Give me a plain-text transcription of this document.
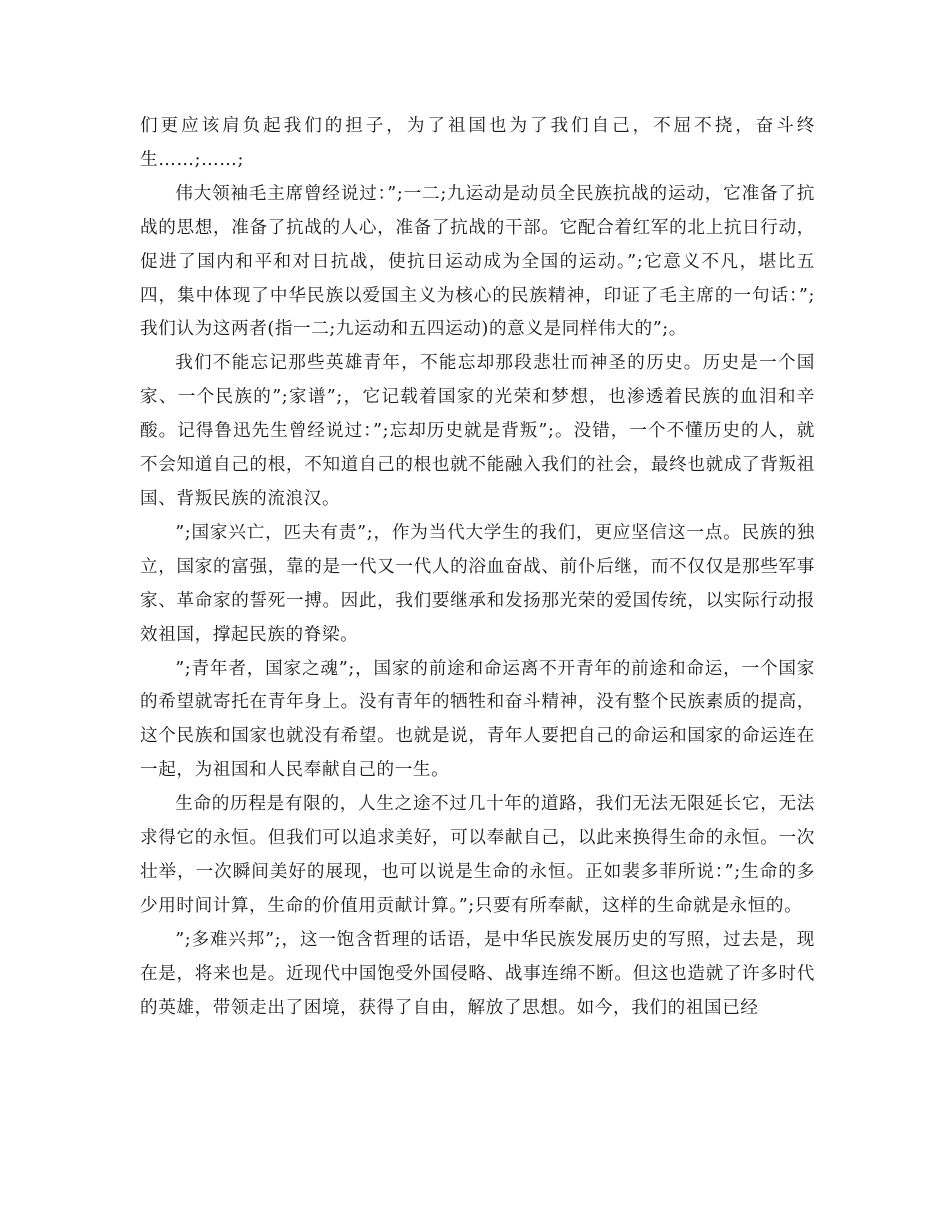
们更应该肩负起我们的担子，为了祖国也为了我们自己，不屈不挠，奋斗终生……;……;

伟大领袖毛主席曾经说过：”;一二;九运动是动员全民族抗战的运动，它准备了抗战的思想，准备了抗战的人心，准备了抗战的干部。它配合着红军的北上抗日行动，促进了国内和平和对日抗战，使抗日运动成为全国的运动。”;它意义不凡，堪比五四，集中体现了中华民族以爱国主义为核心的民族精神，印证了毛主席的一句话：”;我们认为这两者(指一二;九运动和五四运动)的意义是同样伟大的”;。

我们不能忘记那些英雄青年，不能忘却那段悲壮而神圣的历史。历史是一个国家、一个民族的”;家谱”;，它记载着国家的光荣和梦想，也渗透着民族的血泪和辛酸。记得鲁迅先生曾经说过：”;忘却历史就是背叛”;。没错，一个不懂历史的人，就不会知道自己的根，不知道自己的根也就不能融入我们的社会，最终也就成了背叛祖国、背叛民族的流浪汉。

”;国家兴亡，匹夫有责”;，作为当代大学生的我们，更应坚信这一点。民族的独立，国家的富强，靠的是一代又一代人的浴血奋战、前仆后继，而不仅仅是那些军事家、革命家的誓死一搏。因此，我们要继承和发扬那光荣的爱国传统，以实际行动报效祖国，撑起民族的脊梁。

”;青年者，国家之魂”;，国家的前途和命运离不开青年的前途和命运，一个国家的希望就寄托在青年身上。没有青年的牺牲和奋斗精神，没有整个民族素质的提高，这个民族和国家也就没有希望。也就是说，青年人要把自己的命运和国家的命运连在一起，为祖国和人民奉献自己的一生。

生命的历程是有限的，人生之途不过几十年的道路，我们无法无限延长它，无法求得它的永恒。但我们可以追求美好，可以奉献自己，以此来换得生命的永恒。一次壮举，一次瞬间美好的展现，也可以说是生命的永恒。正如裴多菲所说：”;生命的多少用时间计算，生命的价值用贡献计算。”;只要有所奉献，这样的生命就是永恒的。

”;多难兴邦”;，这一饱含哲理的话语，是中华民族发展历史的写照，过去是，现在是，将来也是。近现代中国饱受外国侵略、战事连绵不断。但这也造就了许多时代的英雄，带领走出了困境，获得了自由，解放了思想。如今，我们的祖国已经
